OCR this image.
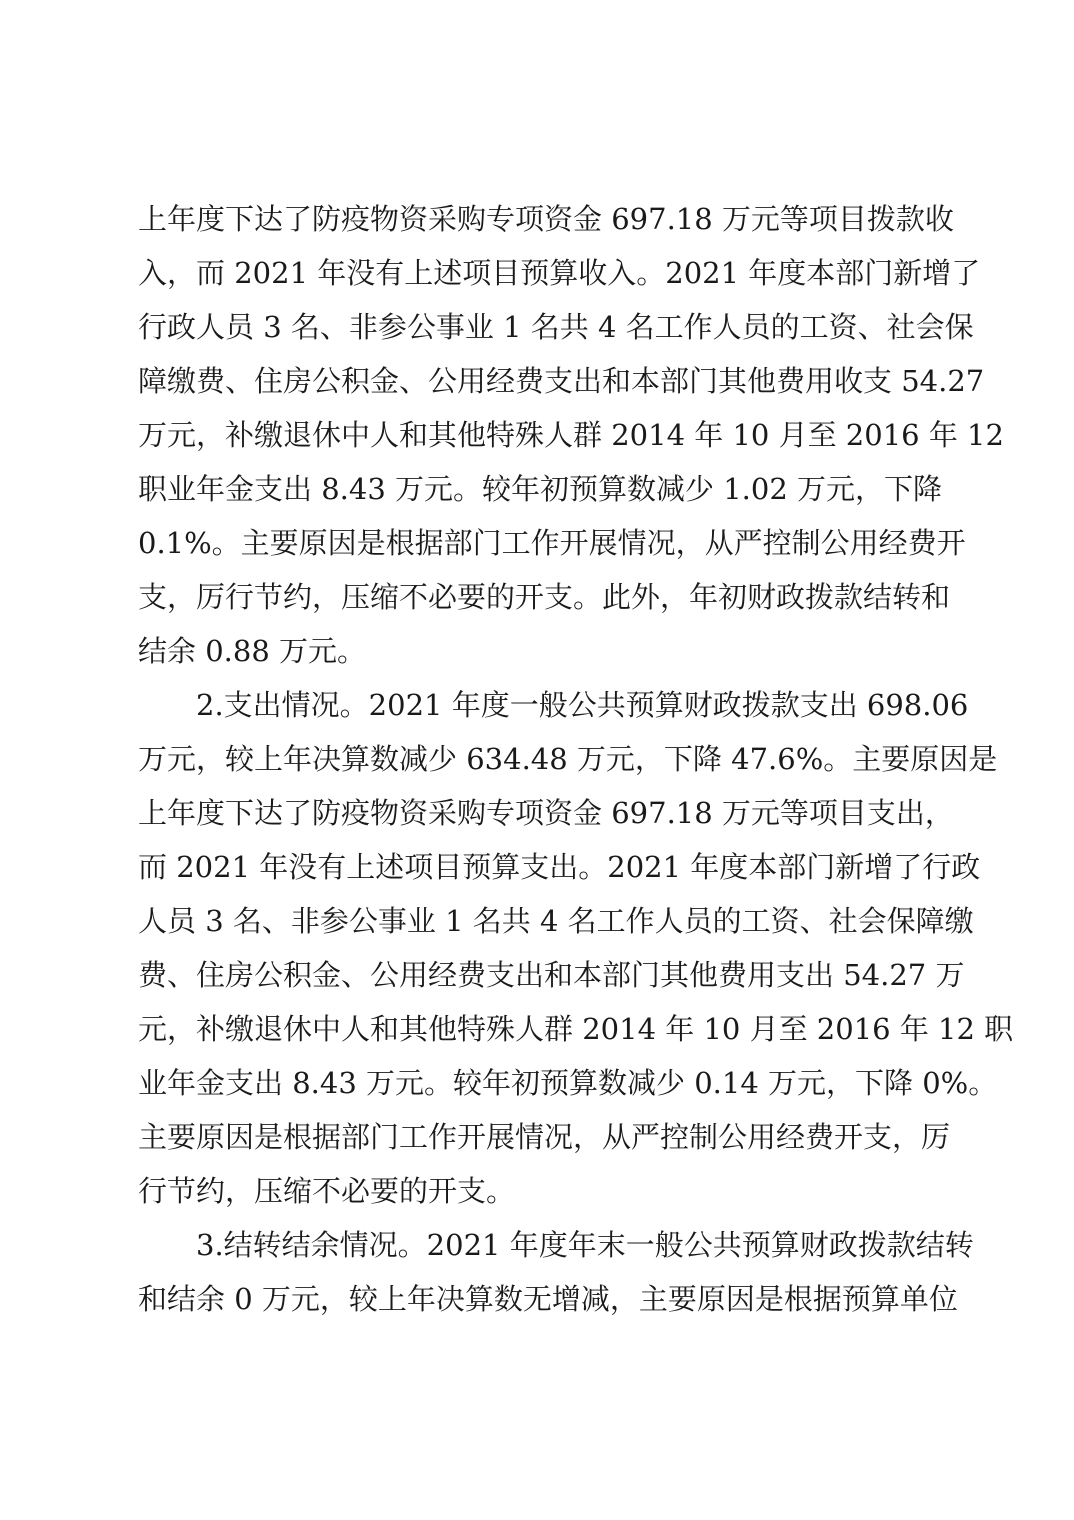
上年度下达了防疫物资采购专项资金 697.18 万元等项目拨款收
入，而 2021 年没有上述项目预算收入。2021 年度本部门新增了
行政人员 3 名、非参公事业 1 名共 4 名工作人员的工资、社会保
障缴费、住房公积金、公用经费支出和本部门其他费用收支 54.27
万元，补缴退休中人和其他特殊人群 2014 年 10 月至 2016 年 12
职业年金支出 8.43 万元。较年初预算数减少 1.02 万元，下降
0.1%。主要原因是根据部门工作开展情况，从严控制公用经费开
支，厉行节约，压缩不必要的开支。此外，年初财政拨款结转和
结余 0.88 万元。
2.支出情况。2021 年度一般公共预算财政拨款支出 698.06
万元，较上年决算数减少 634.48 万元，下降 47.6%。主要原因是
上年度下达了防疫物资采购专项资金 697.18 万元等项目支出，
而 2021 年没有上述项目预算支出。2021 年度本部门新增了行政
人员 3 名、非参公事业 1 名共 4 名工作人员的工资、社会保障缴
费、住房公积金、公用经费支出和本部门其他费用支出 54.27 万
元，补缴退休中人和其他特殊人群 2014 年 10 月至 2016 年 12 职
业年金支出 8.43 万元。较年初预算数减少 0.14 万元，下降 0%。
主要原因是根据部门工作开展情况，从严控制公用经费开支，厉
行节约，压缩不必要的开支。
3.结转结余情况。2021 年度年末一般公共预算财政拨款结转
和结余 0 万元，较上年决算数无增减，主要原因是根据预算单位
